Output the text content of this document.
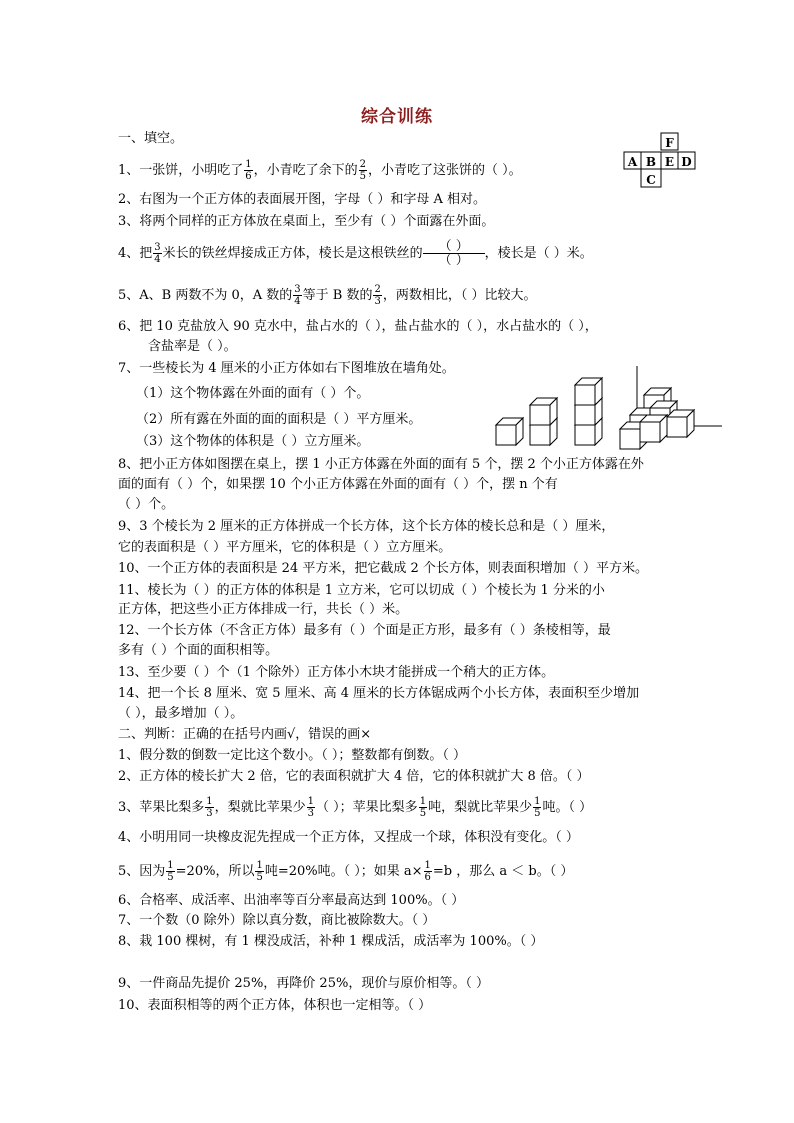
综合训练
F
A B E D
C
一、填空。
1、一张饼，小明吃了 $\frac{1}{6}$ ，小青吃了余下的 $\frac{2}{5}$ ，小青吃了这张饼的（ ）。
2、右图为一个正方体的表面展开图，字母（ ）和字母 A 相对。
3、将两个同样的正方体放在桌面上，至少有（ ）个面露在外面。
4、把 $\frac{3}{4}$ 米长的铁丝焊接成正方体，棱长是这根铁丝的	（ ）
（ ）	，棱长是（ ）米。
5、A、B 两数不为 0，A 数的 $\frac{3}{4}$ 等于 B 数的 $\frac{2}{3}$ ，两数相比，（ ）比较大。
6、把 10 克盐放入 90 克水中，盐占水的（ ），盐占盐水的（ ），水占盐水的（ ），
含盐率是（ ）。
7、一些棱长为 4 厘米的小正方体如右下图堆放在墙角处。
（1）这个物体露在外面的面有（ ）个。
（2）所有露在外面的面的面积是（ ）平方厘米。
（3）这个物体的体积是（ ）立方厘米。
8、把小正方体如图摆在桌上，摆 1 小正方体露在外面的面有 5 个，摆 2 个小正方体露在外
面的面有（ ）个，如果摆 10 个小正方体露在外面的面有（ ）个，摆 n 个有
（ ）个。
9、3 个棱长为 2 厘米的正方体拼成一个长方体，这个长方体的棱长总和是（ ）厘米，
它的表面积是（ ）平方厘米，它的体积是（ ）立方厘米。
10、一个正方体的表面积是 24 平方米，把它截成 2 个长方体，则表面积增加（ ）平方米。
11、棱长为（ ）的正方体的体积是 1 立方米，它可以切成（ ）个棱长为 1 分米的小
正方体，把这些小正方体排成一行，共长（ ）米。
12、一个长方体（不含正方体）最多有（ ）个面是正方形，最多有（ ）条棱相等，最
多有（ ）个面的面积相等。
13、至少要（ ）个（1 个除外）正方体小木块才能拼成一个稍大的正方体。
14、把一个长 8 厘米、宽 5 厘米、高 4 厘米的长方体锯成两个小长方体，表面积至少增加
（ ），最多增加（ ）。
二、判断：正确的在括号内画√，错误的画×
1、假分数的倒数一定比这个数小。（ ）；整数都有倒数。（ ）
2、正方体的棱长扩大 2 倍，它的表面积就扩大 4 倍，它的体积就扩大 8 倍。（ ）
3、苹果比梨多 $\frac{1}{3}$ ，梨就比苹果少 $\frac{1}{3}$ （ ）；苹果比梨多 $\frac{1}{5}$ 吨，梨就比苹果少 $\frac{1}{5}$ 吨。（ ）
4、小明用同一块橡皮泥先捏成一个正方体，又捏成一个球，体积没有变化。（ ）
5、因为 $\frac{1}{5} =20\%$，所以 $\frac{1}{5}$ 吨=20%吨。（ ）；如果 $a\times \frac{1}{6} =b$ ，那么 a ＜ b。（ ）
6、合格率、成活率、出油率等百分率最高达到 100%。（ ）
7、一个数（0 除外）除以真分数，商比被除数大。（ ）
8、栽 100 棵树，有 1 棵没成活，补种 1 棵成活，成活率为 100%。（ ）
9、一件商品先提价 25%，再降价 25%，现价与原价相等。（ ）
10、表面积相等的两个正方体，体积也一定相等。（ ）
